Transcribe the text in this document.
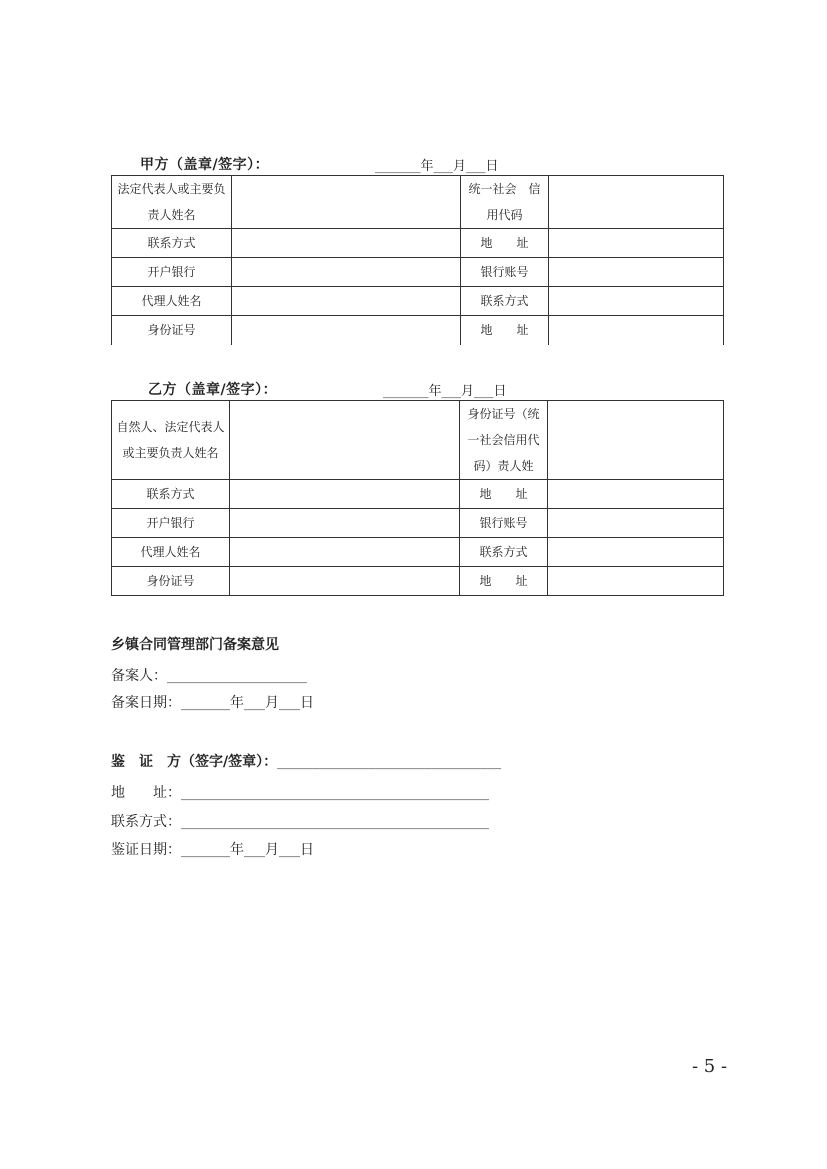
甲方（盖章/签字）：	_______年___月___日
法定代表人或主要负责人姓名		统一社会　信用代码	
联系方式		地　　址	
开户银行		银行账号	
代理人姓名		联系方式	
身份证号		地　　址	
乙方（盖章/签字）：	_______年___月___日
自然人、法定代表人或主要负责人姓名		身份证号（统一社会信用代码）责人姓	
联系方式		地　　址	
开户银行		银行账号	
代理人姓名		联系方式	
身份证号		地　　址	
乡镇合同管理部门备案意见
备案人：____________________
备案日期：_______年___月___日
鉴　证　方（签字/签章）：________________________________
地　　址：____________________________________________
联系方式：____________________________________________
鉴证日期：_______年___月___日
- 5 -
